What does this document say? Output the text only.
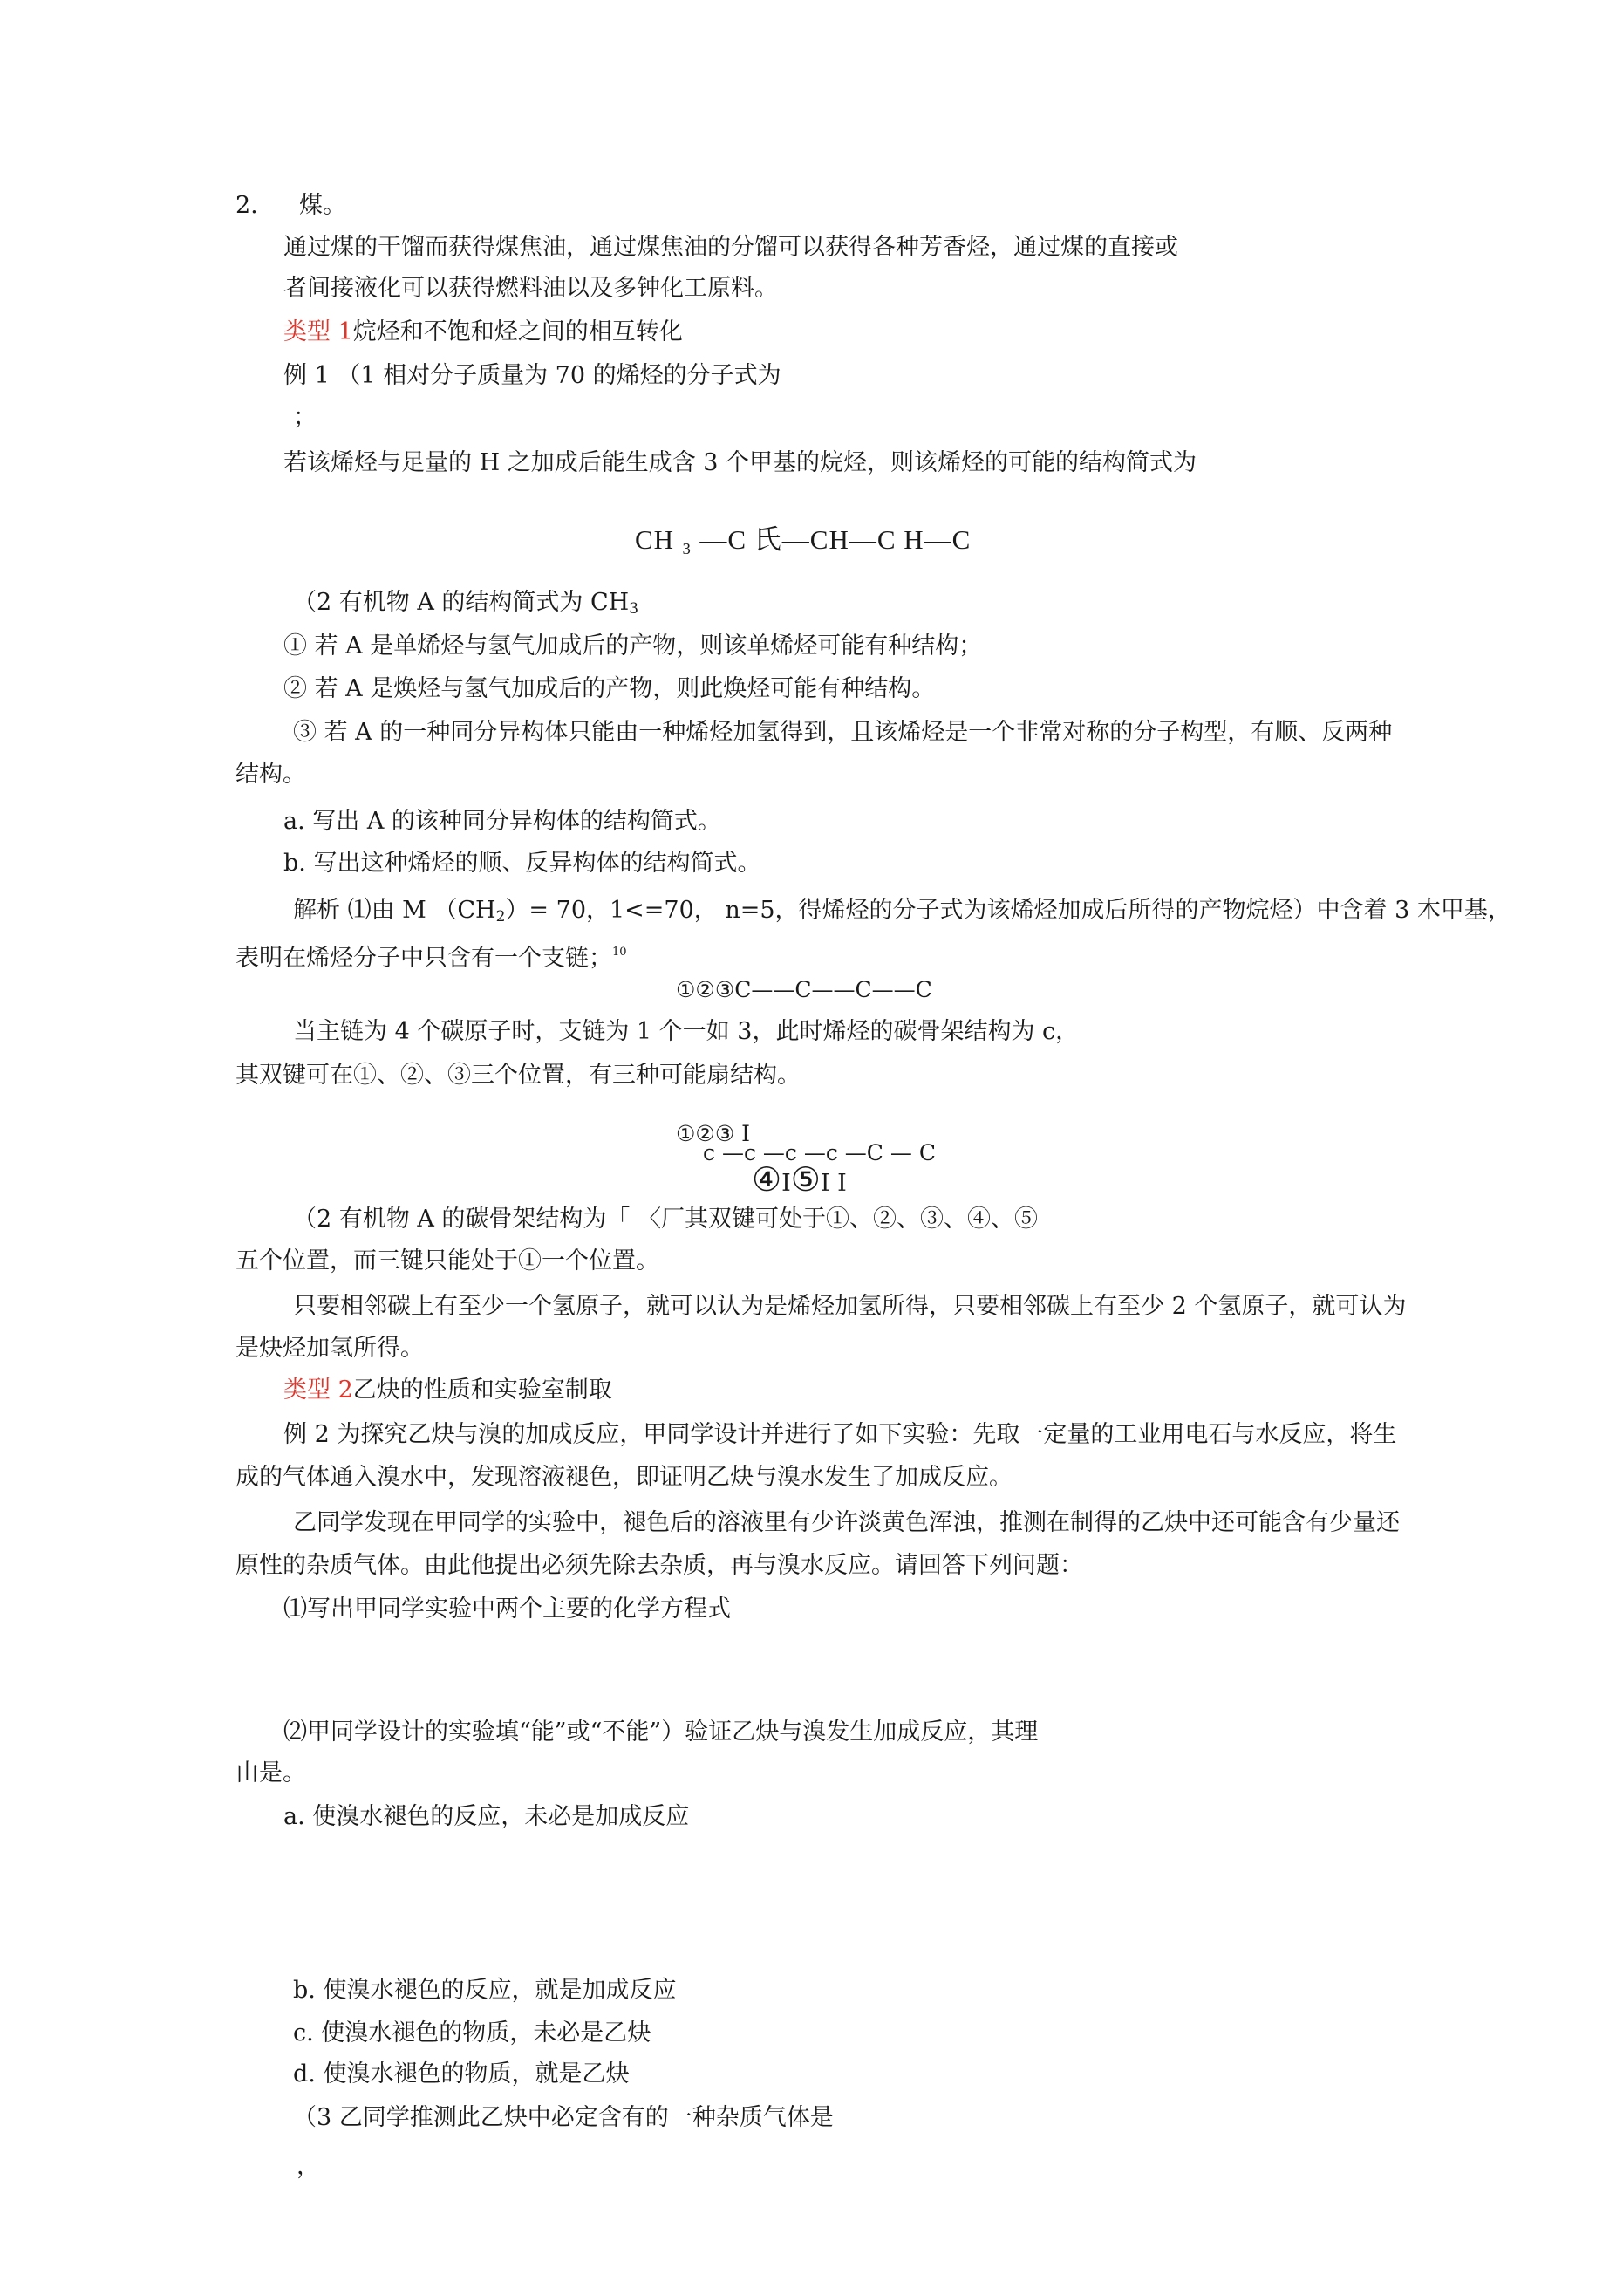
2. 煤。
通过煤的干馏而获得煤焦油，通过煤焦油的分馏可以获得各种芳香烃，通过煤的直接或
者间接液化可以获得燃料油以及多钟化工原料。
类型 1烷烃和不饱和烃之间的相互转化
例 1 （1 相对分子质量为 70 的烯烃的分子式为
；
若该烯烃与足量的 H 之加成后能生成含 3 个甲基的烷烃，则该烯烃的可能的结构简式为
CH ₃ —C 氏—CH—C H—C
（2 有机物 A 的结构简式为 $CH_3$
① 若 A 是单烯烃与氢气加成后的产物，则该单烯烃可能有种结构；
② 若 A 是焕烃与氢气加成后的产物，则此焕烃可能有种结构。
③ 若 A 的一种同分异构体只能由一种烯烃加氢得到，且该烯烃是一个非常对称的分子构型，有顺、反两种
结构。
a. 写出 A 的该种同分异构体的结构简式。
b. 写出这种烯烃的顺、反异构体的结构简式。
解析 ⑴由 M $(CH_2)= 70$，1<=70， n=5，得烯烃的分子式为该烯烃加成后所得的产物烷烃）中含着 3 木甲基，
表明在烯烃分子中只含有一个支链；$^{10}$
①②③C——C——C——C
当主链为 4 个碳原子时，支链为 1 个一如 3，此时烯烃的碳骨架结构为 c，
其双键可在①、②、③三个位置，有三种可能扇结构。
①②③ I
c —c —c —c —C — C
④I⑤I I
（2 有机物 A 的碳骨架结构为「 〈厂其双键可处于①、②、③、④、⑤
五个位置，而三键只能处于①一个位置。
只要相邻碳上有至少一个氢原子，就可以认为是烯烃加氢所得，只要相邻碳上有至少 2 个氢原子，就可认为
是炔烃加氢所得。
类型 2乙炔的性质和实验室制取
例 2 为探究乙炔与溴的加成反应，甲同学设计并进行了如下实验：先取一定量的工业用电石与水反应，将生
成的气体通入溴水中，发现溶液褪色，即证明乙炔与溴水发生了加成反应。
乙同学发现在甲同学的实验中，褪色后的溶液里有少许淡黄色浑浊，推测在制得的乙炔中还可能含有少量还
原性的杂质气体。由此他提出必须先除去杂质，再与溴水反应。请回答下列问题：
⑴写出甲同学实验中两个主要的化学方程式
⑵甲同学设计的实验填“能”或“不能”）验证乙炔与溴发生加成反应，其理
由是。
a. 使溴水褪色的反应，未必是加成反应
b. 使溴水褪色的反应，就是加成反应
c. 使溴水褪色的物质，未必是乙炔
d. 使溴水褪色的物质，就是乙炔
（3 乙同学推测此乙炔中必定含有的一种杂质气体是
，
